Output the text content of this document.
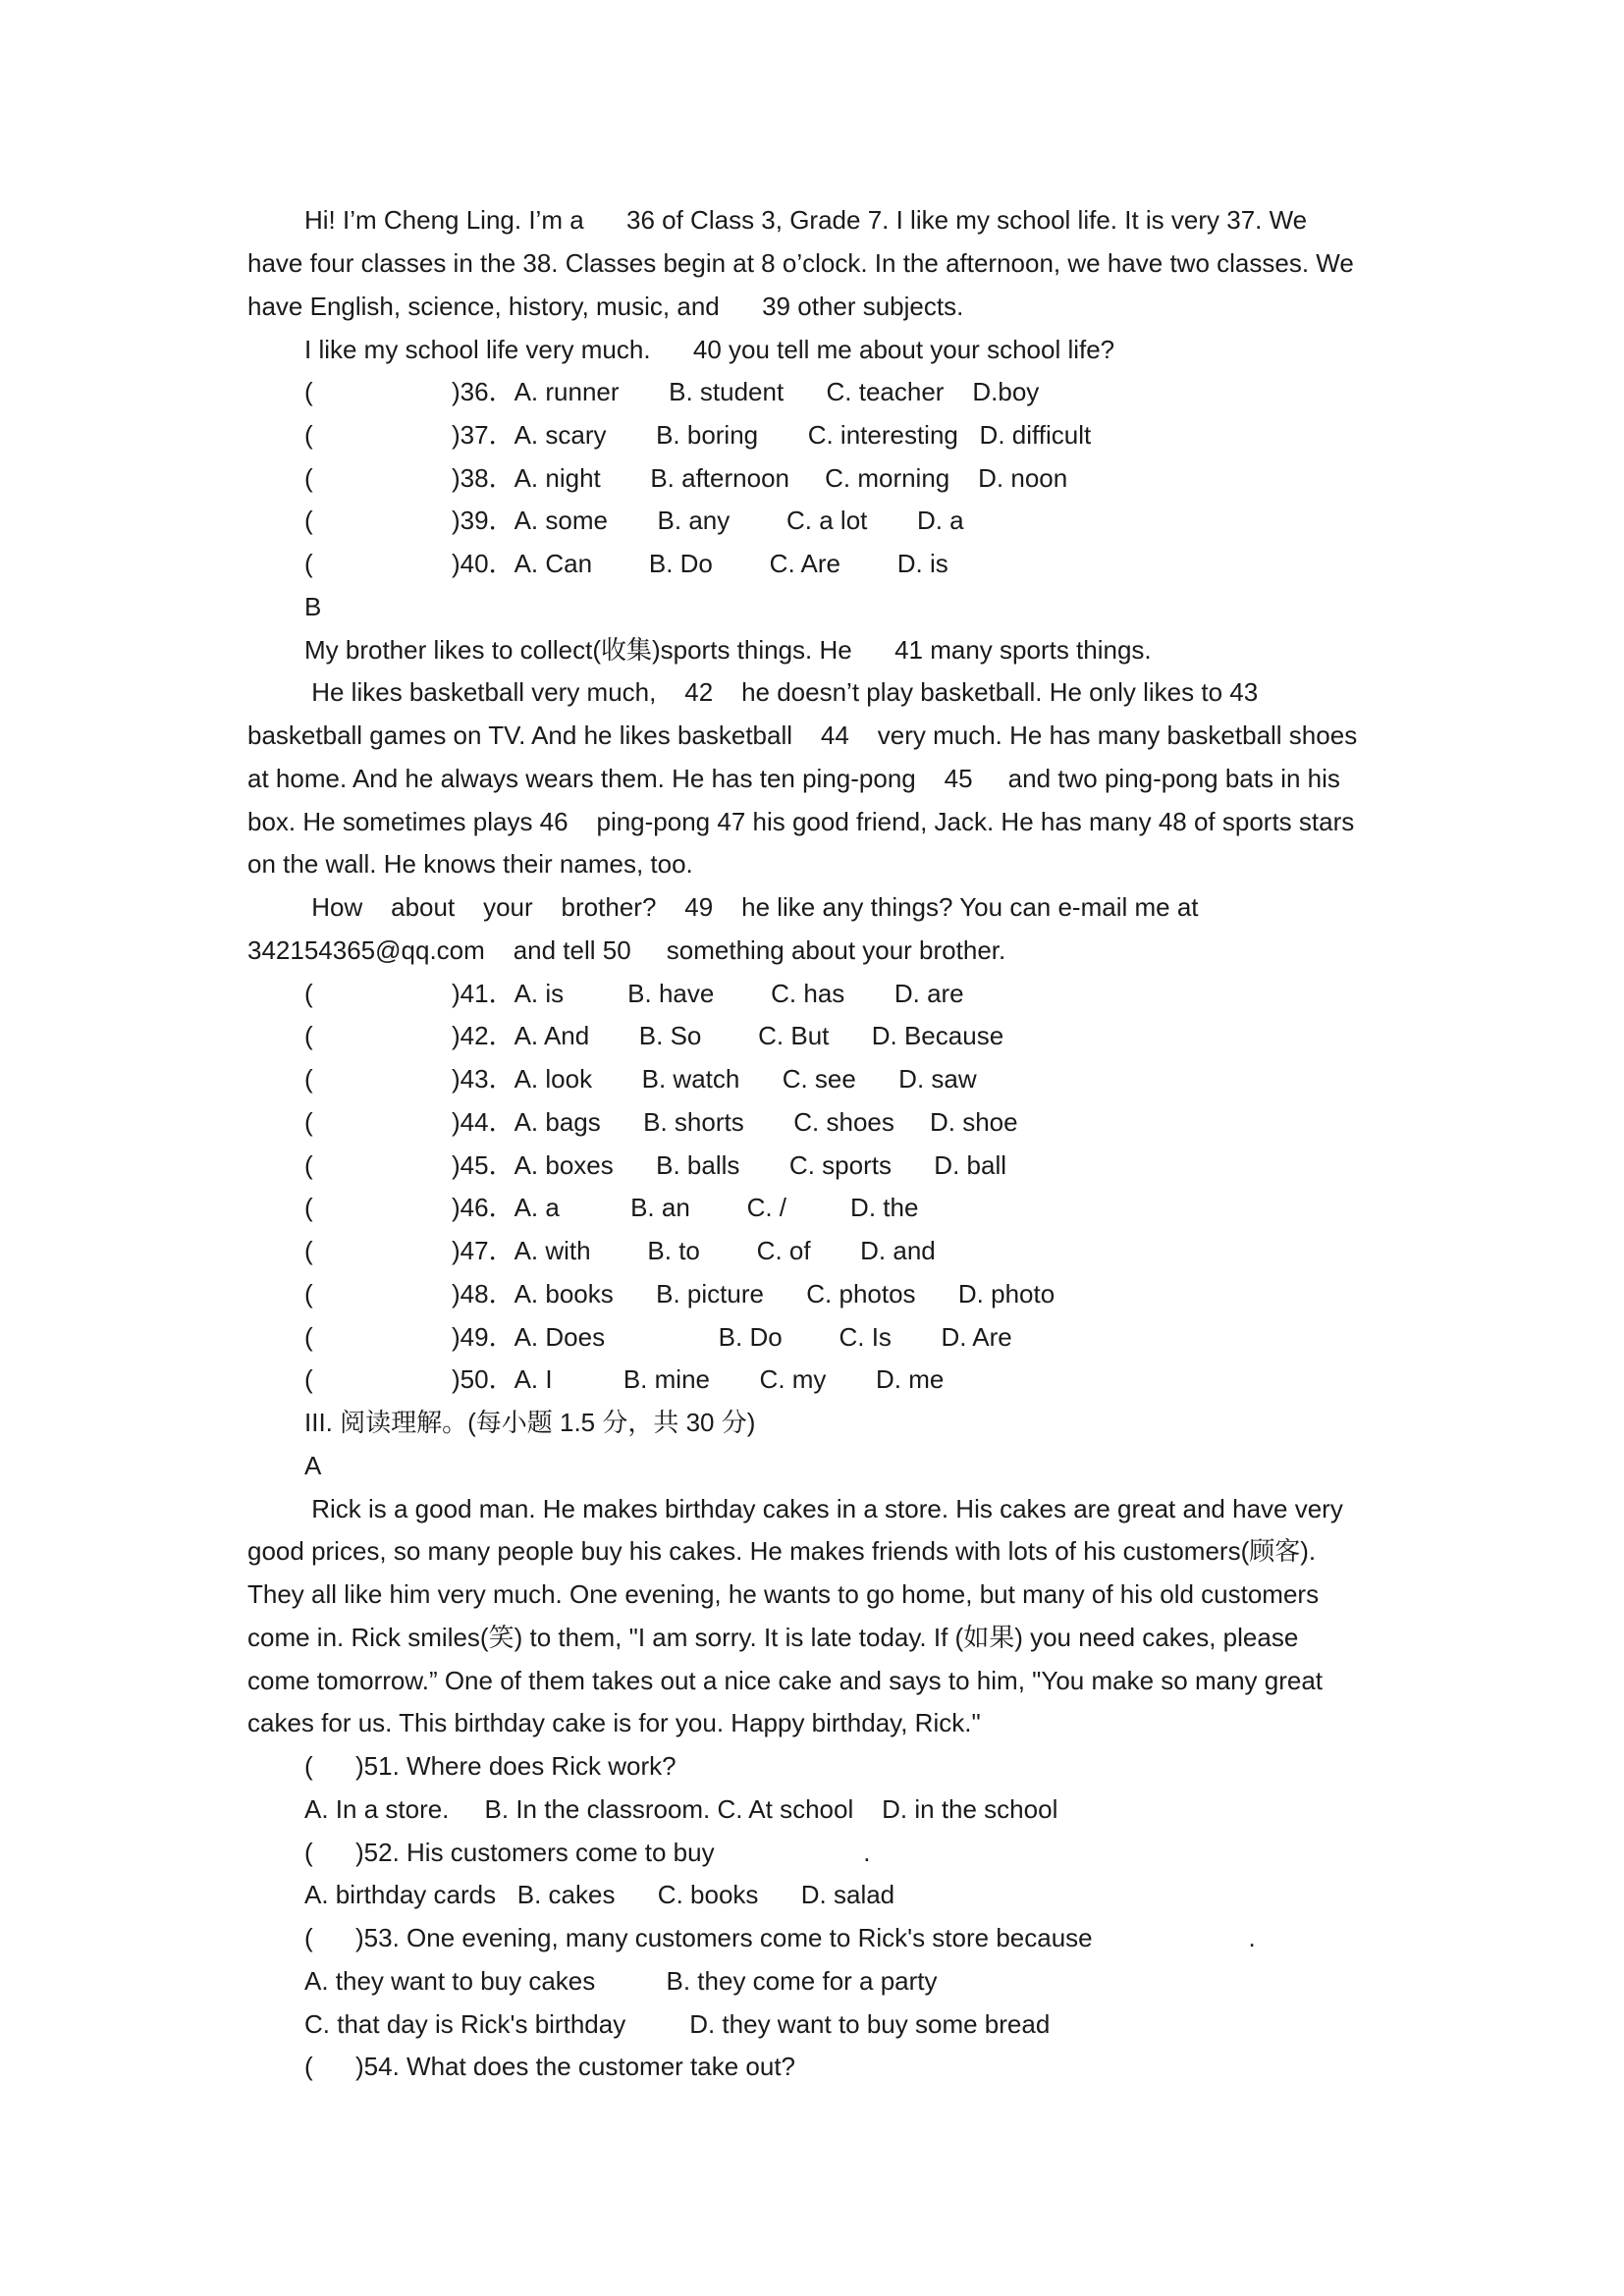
Hi! I’m Cheng Ling. I’m a      36 of Class 3, Grade 7. I like my school life. It is very 37. We
have four classes in the 38. Classes begin at 8 o’clock. In the afternoon, we have two classes. We
have English, science, history, music, and      39 other subjects.
I like my school life very much.      40 you tell me about your school life?

(

	)36．A. runner       B. student      C. teacher    D.boy

(

	)37．A. scary       B. boring       C. interesting   D. difficult

(

	)38．A. night       B. afternoon     C. morning    D. noon

(

	)39．A. some       B. any        C. a lot       D. a

(

	)40．A. Can        B. Do        C. Are        D. is

B
My brother likes to collect(收集)sports things. He      41 many sports things.
He likes basketball very much,    42    he doesn’t play basketball. He only likes to 43
basketball games on TV. And he likes basketball    44    very much. He has many basketball shoes
at home. And he always wears them. He has ten ping-pong    45     and two ping-pong bats in his
box. He sometimes plays 46    ping-pong 47 his good friend, Jack. He has many 48 of sports stars
on the wall. He knows their names, too.
How    about    your    brother?    49    he like any things? You can e-mail me at
342154365@qq.com    and tell 50     something about your brother.

(

	)41．A. is         B. have        C. has       D. are

(

	)42．A. And       B. So        C. But      D. Because

(

	)43．A. look       B. watch      C. see      D. saw

(

	)44．A. bags      B. shorts       C. shoes     D. shoe

(

	)45．A. boxes      B. balls       C. sports      D. ball

(

	)46．A. a          B. an        C. /         D. the

(

	)47．A. with        B. to        C. of       D. and

(

	)48．A. books      B. picture      C. photos      D. photo

(

	)49．A. Does                B. Do        C. Is       D. Are

(

	)50．A. I          B. mine       C. my       D. me

III. 阅读理解。(每小题 1.5 分，共 30 分)
A
Rick is a good man. He makes birthday cakes in a store. His cakes are great and have very
good prices, so many people buy his cakes. He makes friends with lots of his customers(顾客).
They all like him very much. One evening, he wants to go home, but many of his old customers
come in. Rick smiles(笑) to them, "I am sorry. It is late today. If (如果) you need cakes, please
come tomorrow.” One of them takes out a nice cake and says to him, "You make so many great
cakes for us. This birthday cake is for you. Happy birthday, Rick."
(      )51. Where does Rick work?
A. In a store.     B. In the classroom. C. At school    D. in the school
(      )52. His customers come to buy                     .
A. birthday cards   B. cakes      C. books      D. salad
(      )53. One evening, many customers come to Rick's store because                      .
A. they want to buy cakes          B. they come for a party
C. that day is Rick's birthday         D. they want to buy some bread
(      )54. What does the customer take out?
